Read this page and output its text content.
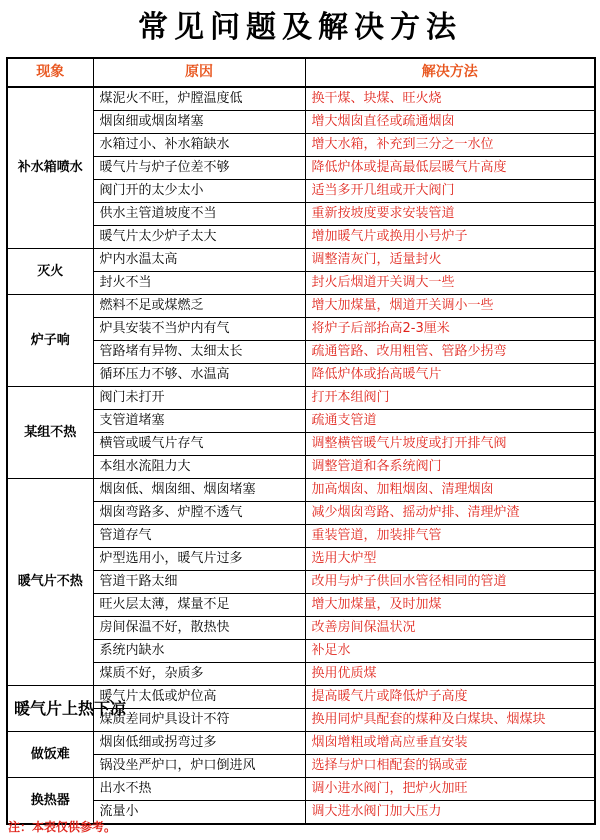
常见问题及解决方法
现象	原因	解决方法
补水箱喷水	煤泥火不旺，炉膛温度低	换干煤、块煤、旺火烧
	烟囱细或烟囱堵塞	增大烟囱直径或疏通烟囱
	水箱过小、补水箱缺水	增大水箱，补充到三分之一水位
	暖气片与炉子位差不够	降低炉体或提高最低层暖气片高度
	阀门开的太少太小	适当多开几组或开大阀门
	供水主管道坡度不当	重新按坡度要求安装管道
	暖气片太少炉子太大	增加暖气片或换用小号炉子
灭火	炉内水温太高	调整清灰门，适量封火
	封火不当	封火后烟道开关调大一些
炉子响	燃料不足或煤燃乏	增大加煤量，烟道开关调小一些
	炉具安装不当炉内有气	将炉子后部抬高2-3厘米
	管路堵有异物、太细太长	疏通管路、改用粗管、管路少拐弯
	循环压力不够、水温高	降低炉体或抬高暖气片
某组不热	阀门未打开	打开本组阀门
	支管道堵塞	疏通支管道
	横管或暖气片存气	调整横管暖气片坡度或打开排气阀
	本组水流阻力大	调整管道和各系统阀门
暖气片不热	烟囱低、烟囱细、烟囱堵塞	加高烟囱、加粗烟囱、清理烟囱
	烟囱弯路多、炉膛不透气	减少烟囱弯路、摇动炉排、清理炉渣
	管道存气	重装管道，加装排气管
	炉型选用小，暖气片过多	选用大炉型
	管道干路太细	改用与炉子供回水管径相同的管道
	旺火层太薄，煤量不足	增大加煤量，及时加煤
	房间保温不好，散热快	改善房间保温状况
	系统内缺水	补足水
	煤质不好，杂质多	换用优质煤
暖气片上热下凉	暖气片太低或炉位高	提高暖气片或降低炉子高度
	煤质差同炉具设计不符	换用同炉具配套的煤种及白煤块、烟煤块
做饭难	烟囱低细或拐弯过多	烟囱增粗或增高应垂直安装
	锅没坐严炉口，炉口倒进风	选择与炉口相配套的锅或壶
换热器	出水不热	调小进水阀门，把炉火加旺
	流量小	调大进水阀门加大压力
注：本表仅供参考。
